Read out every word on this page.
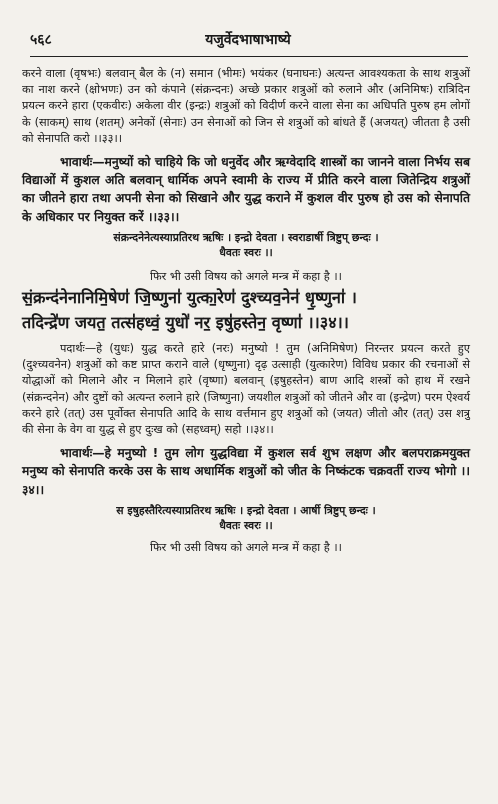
५६८	यजुर्वेदभाषाभाष्ये

करने वाला (वृषभः) बलवान् बैल के (न) समान (भीमः) भयंकर (घनाघनः) अत्यन्त आवश्यकता के साथ शत्रुओं का नाश करने (क्षोभणः) उन को कंपाने (संक्रन्दनः) अच्छे प्रकार शत्रुओं को रुलाने और (अनिमिषः) रात्रिदिन प्रयत्न करने हारा (एकवीरः) अकेला वीर (इन्द्रः) शत्रुओं को विदीर्ण करने वाला सेना का अधिपति पुरुष हम लोगों के (साकम्) साथ (शतम्) अनेकों (सेनाः) उन सेनाओं को जिन से शत्रुओं को बांधते हैं (अजयत्) जीतता है उसी को सेनापति करो ।।३३।।

भावार्थः—मनुष्यों को चाहिये कि जो धनुर्वेद और ऋग्वेदादि शास्त्रों का जानने वाला निर्भय सब विद्याओं में कुशल अति बलवान् धार्मिक अपने स्वामी के राज्य में प्रीति करने वाला जितेन्द्रिय शत्रुओं का जीतने हारा तथा अपनी सेना को सिखाने और युद्ध कराने में कुशल वीर पुरुष हो उस को सेनापति के अधिकार पर नियुक्त करें ।।३३।।

संक्रन्दनेनेत्यस्याप्रतिरथ ऋषिः । इन्द्रो देवता । स्वराडार्षी त्रिष्टुप् छन्दः ।

धैवतः स्वरः ।।

फिर भी उसी विषय को अगले मन्त्र में कहा है ।।

सं॒क्रन्द॑नेनानिमि॒षेण॑ जि॒ष्णुना॑ युत्का॒रेण॑ दुश्च्यव॒नेन॑ धृ॒ष्णुना॑ ।

तदिन्द्रे॑ण जयत॒ तत्स॑हध्वं॒ युधो॑ नर॒ इषु॑हस्तेन॒ वृष्णा॑ ।।३४।।

पदार्थः—हे (युधः) युद्ध करते हारे (नरः) मनुष्यो ! तुम (अनिमिषेण) निरन्तर प्रयत्न करते हुए (दुश्च्यवनेन) शत्रुओं को कष्ट प्राप्त कराने वाले (धृष्णुना) दृढ़ उत्साही (युत्कारेण) विविध प्रकार की रचनाओं से योद्धाओं को मिलाने और न मिलाने हारे (वृष्णा) बलवान् (इषुहस्तेन) बाण आदि शस्त्रों को हाथ में रखने (संक्रन्दनेन) और दुष्टों को अत्यन्त रुलाने हारे (जिष्णुना) जयशील शत्रुओं को जीतने और वा (इन्द्रेण) परम ऐश्वर्य करने हारे (तत्) उस पूर्वोक्त सेनापति आदि के साथ वर्त्तमान हुए शत्रुओं को (जयत) जीतो और (तत्) उस शत्रु की सेना के वेग वा युद्ध से हुए दुःख को (सहध्वम्) सहो ।।३४।।

भावार्थः—हे मनुष्यो ! तुम लोग युद्धविद्या में कुशल सर्व शुभ लक्षण और बलपराक्रमयुक्त मनुष्य को सेनापति करके उस के साथ अधार्मिक शत्रुओं को जीत के निष्कंटक चक्रवर्ती राज्य भोगो ।।३४।।

स इषुहस्तैरित्यस्याप्रतिरथ ऋषिः । इन्द्रो देवता । आर्षी त्रिष्टुप् छन्दः ।

धैवतः स्वरः ।।

फिर भी उसी विषय को अगले मन्त्र में कहा है ।।
